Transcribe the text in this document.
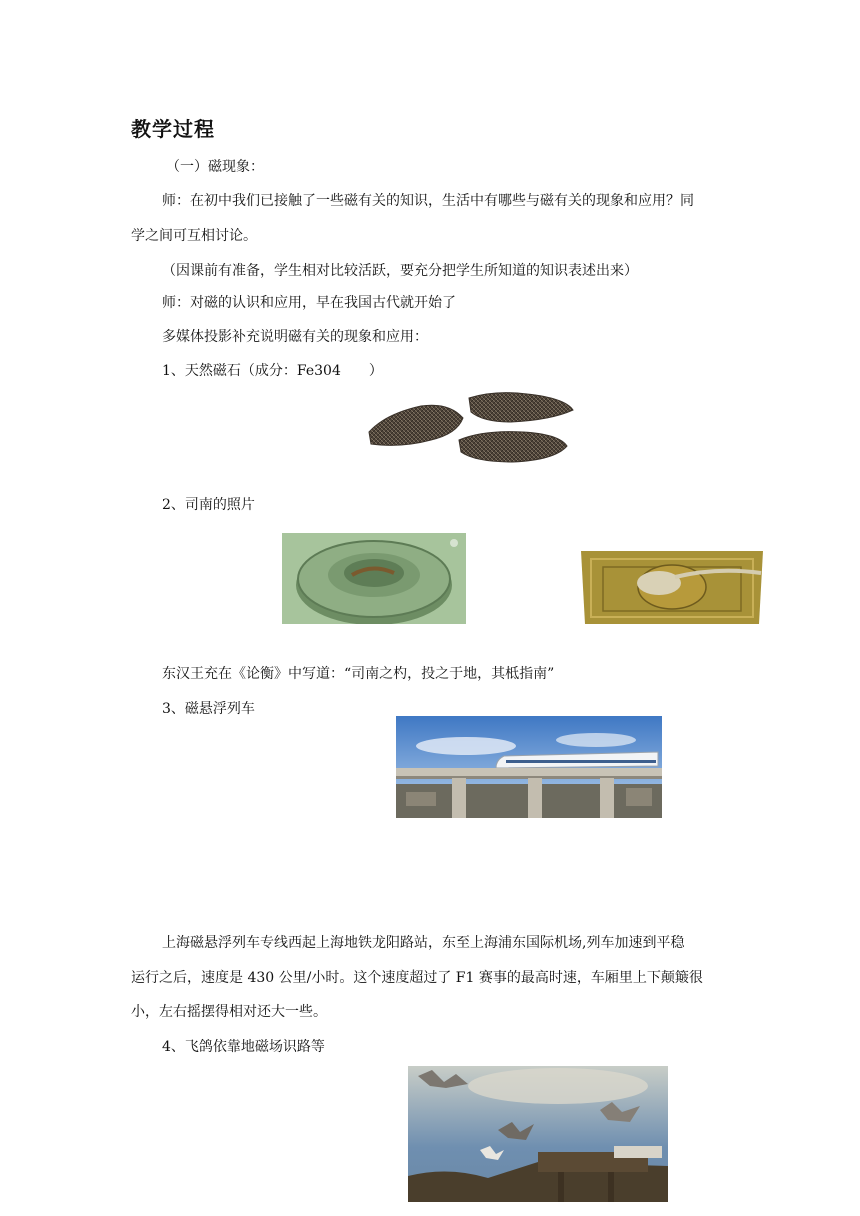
教学过程
（一）磁现象：
师：在初中我们已接触了一些磁有关的知识，生活中有哪些与磁有关的现象和应用？同
学之间可互相讨论。
（因课前有准备，学生相对比较活跃，要充分把学生所知道的知识表述出来）
师：对磁的认识和应用，早在我国古代就开始了
多媒体投影补充说明磁有关的现象和应用：
1、天然磁石（成分：Fe304　　）
2、司南的照片
东汉王充在《论衡》中写道：“司南之杓，投之于地，其柢指南”
3、磁悬浮列车
上海磁悬浮列车专线西起上海地铁龙阳路站，东至上海浦东国际机场,列车加速到平稳
运行之后，速度是 430 公里/小时。这个速度超过了 F1 赛事的最高时速，车厢里上下颠簸很
小，左右摇摆得相对还大一些。
4、飞鸽依靠地磁场识路等
